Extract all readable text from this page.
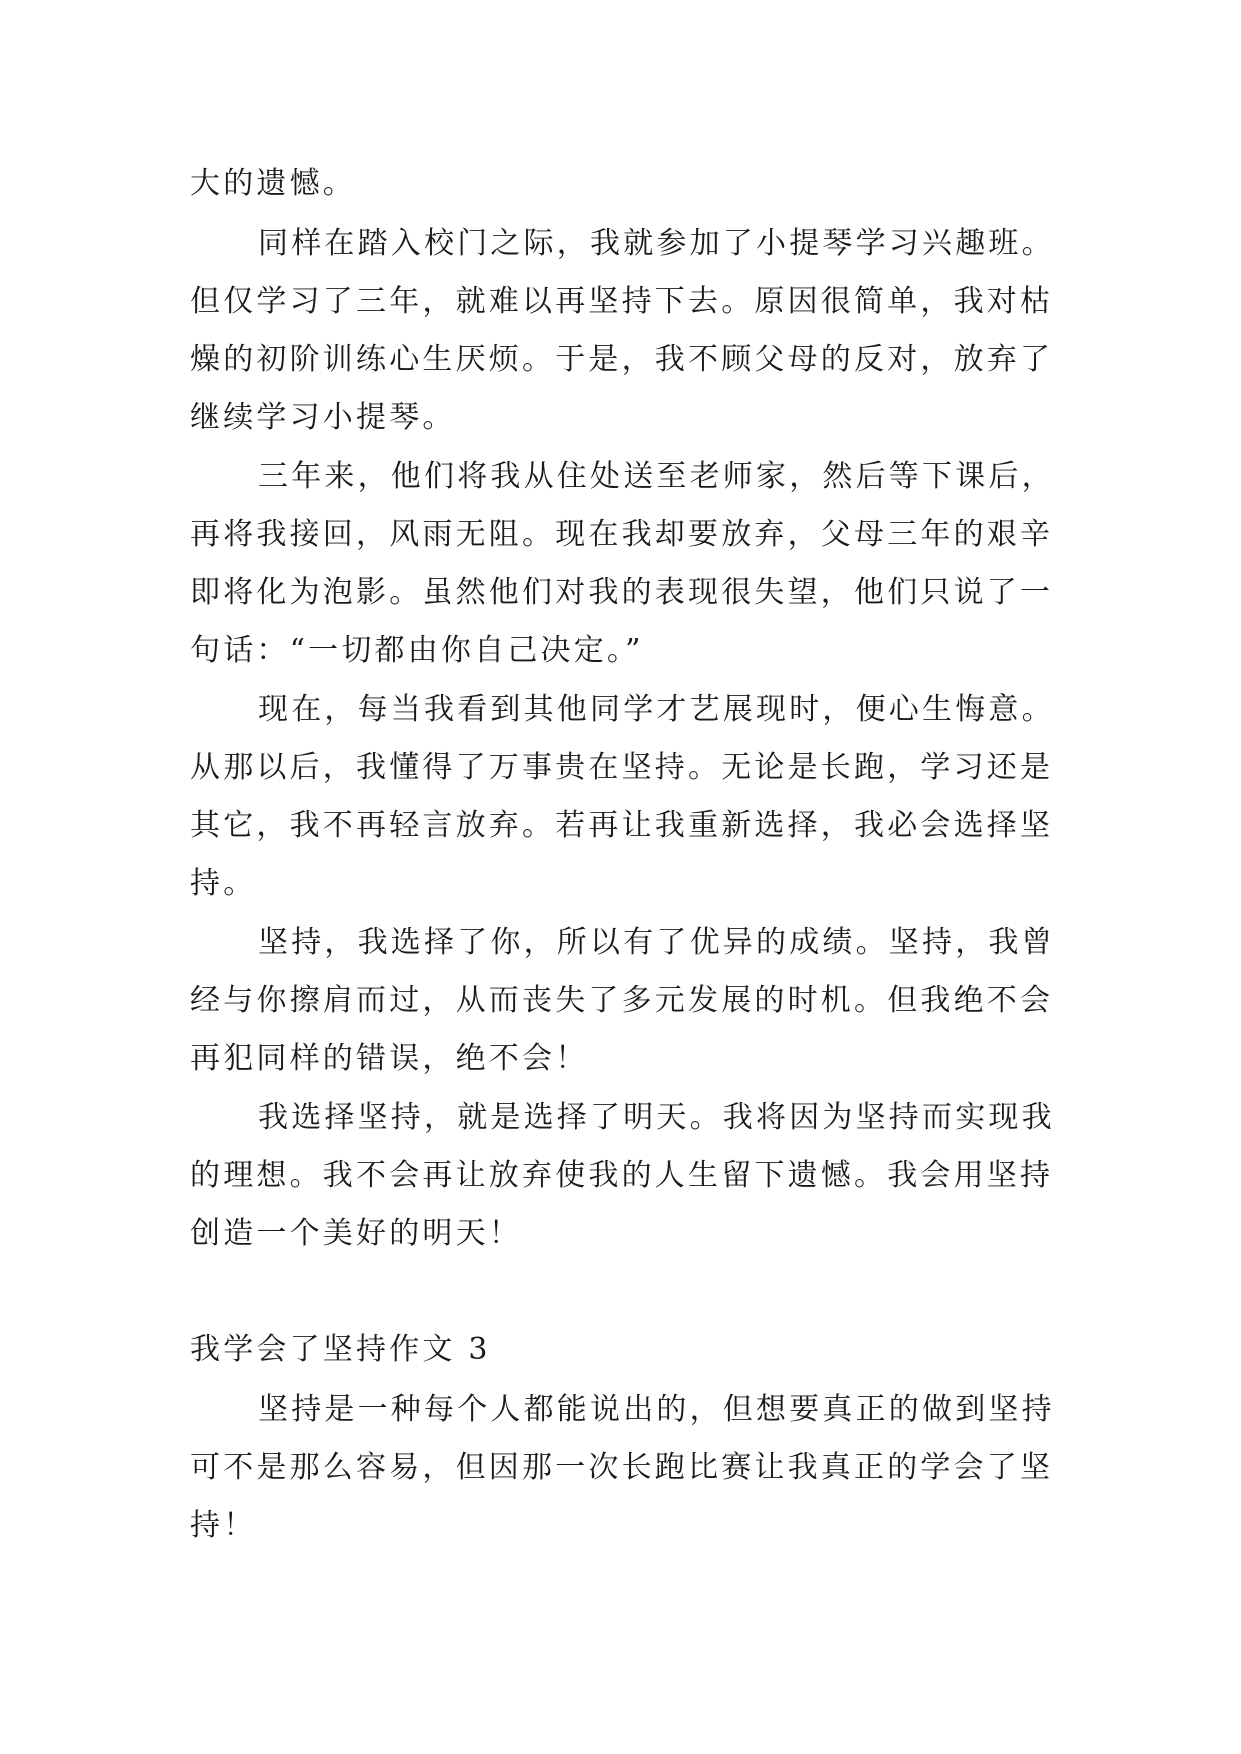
大的遗憾。
同样在踏入校门之际，我就参加了小提琴学习兴趣班。
但仅学习了三年，就难以再坚持下去。原因很简单，我对枯
燥的初阶训练心生厌烦。于是，我不顾父母的反对，放弃了
继续学习小提琴。
三年来，他们将我从住处送至老师家，然后等下课后，
再将我接回，风雨无阻。现在我却要放弃，父母三年的艰辛
即将化为泡影。虽然他们对我的表现很失望，他们只说了一
句话：“一切都由你自己决定。”
现在，每当我看到其他同学才艺展现时，便心生悔意。
从那以后，我懂得了万事贵在坚持。无论是长跑，学习还是
其它，我不再轻言放弃。若再让我重新选择，我必会选择坚
持。
坚持，我选择了你，所以有了优异的成绩。坚持，我曾
经与你擦肩而过，从而丧失了多元发展的时机。但我绝不会
再犯同样的错误，绝不会！
我选择坚持，就是选择了明天。我将因为坚持而实现我
的理想。我不会再让放弃使我的人生留下遗憾。我会用坚持
创造一个美好的明天！
我学会了坚持作文 3
坚持是一种每个人都能说出的，但想要真正的做到坚持
可不是那么容易，但因那一次长跑比赛让我真正的学会了坚
持！
